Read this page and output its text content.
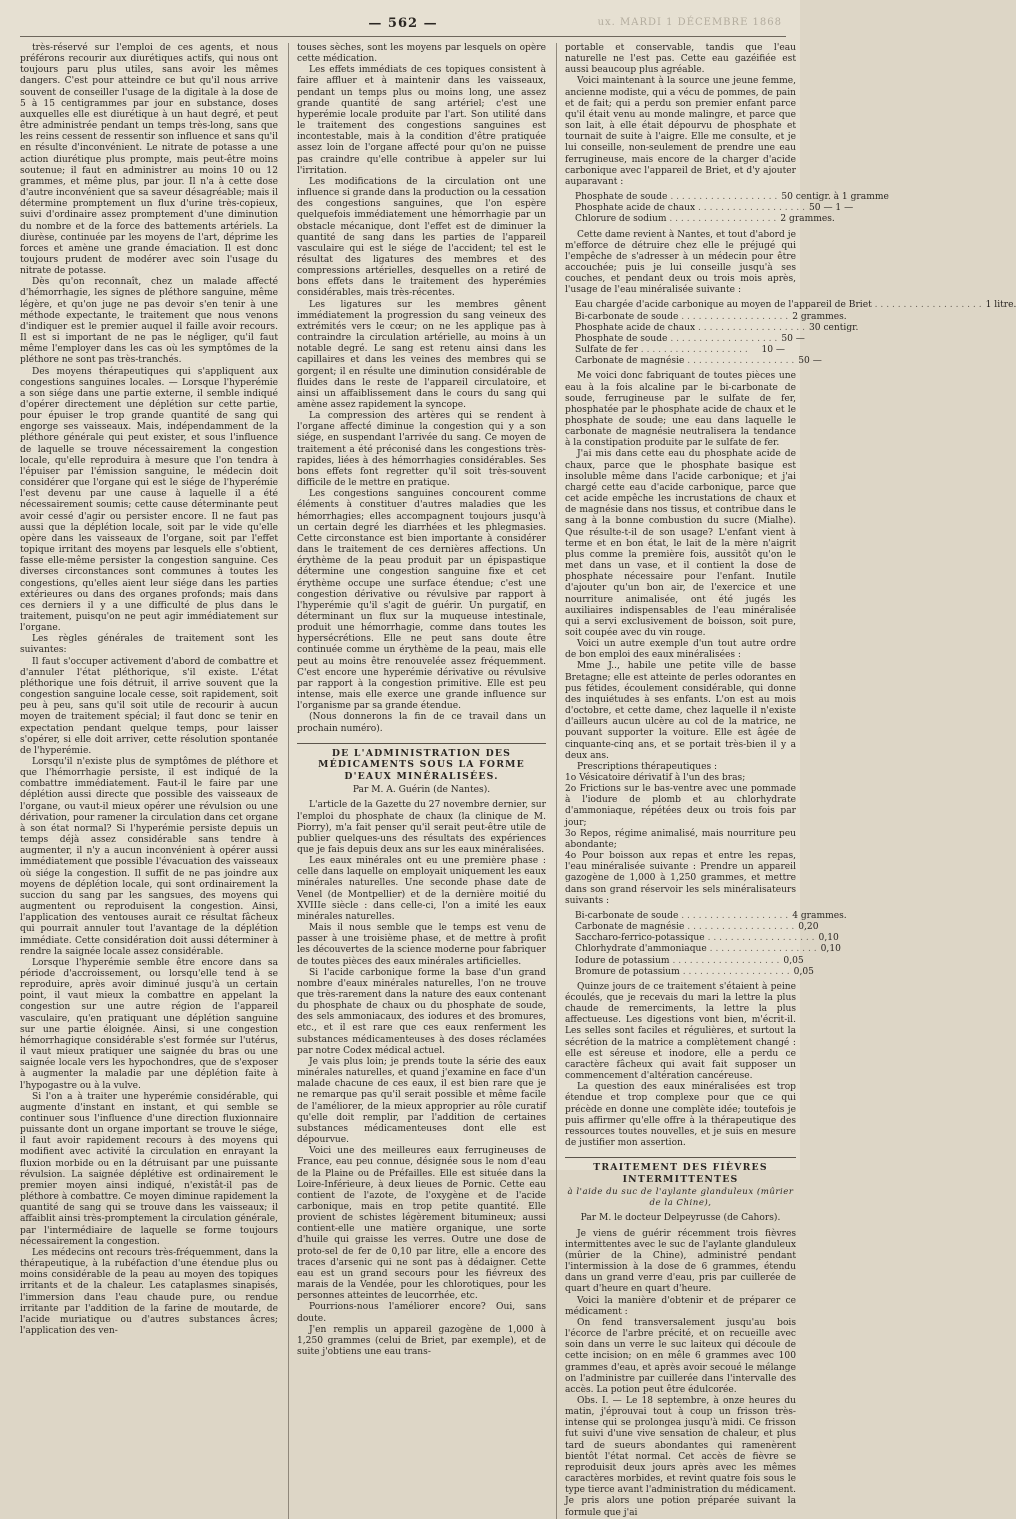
ux. MARDI 1 DÉCEMBRE 1868
— 562 —

très-réservé sur l'emploi de ces agents, et nous préférons recourir aux diurétiques actifs, qui nous ont toujours paru plus utiles, sans avoir les mêmes dangers. C'est pour atteindre ce but qu'il nous arrive souvent de conseiller l'usage de la digitale à la dose de 5 à 15 centigrammes par jour en substance, doses auxquelles elle est diurétique à un haut degré, et peut être administrée pendant un temps très-long, sans que les reins cessent de ressentir son influence et sans qu'il en résulte d'inconvénient. Le nitrate de potasse a une action diurétique plus prompte, mais peut-être moins soutenue; il faut en administrer au moins 10 ou 12 grammes, et même plus, par jour. Il n'a à cette dose d'autre inconvénient que sa saveur désagréable; mais il détermine promptement un flux d'urine très-copieux, suivi d'ordinaire assez promptement d'une diminution du nombre et de la force des battements artériels. La diurèse, continuée par les moyens de l'art, déprime les forces et amène une grande émaciation. Il est donc toujours prudent de modérer avec soin l'usage du nitrate de potasse.

Dès qu'on reconnaît, chez un malade affecté d'hémorrhagie, les signes de pléthore sanguine, même légère, et qu'on juge ne pas devoir s'en tenir à une méthode expectante, le traitement que nous venons d'indiquer est le premier auquel il faille avoir recours. Il est si important de ne pas le négliger, qu'il faut même l'employer dans les cas où les symptômes de la pléthore ne sont pas très-tranchés.

Des moyens thérapeutiques qui s'appliquent aux congestions sanguines locales. — Lorsque l'hyperémie a son siége dans une partie externe, il semble indiqué d'opérer directement une déplétion sur cette partie, pour épuiser le trop grande quantité de sang qui engorge ses vaisseaux. Mais, indépendamment de la pléthore générale qui peut exister, et sous l'influence de laquelle se trouve nécessairement la congestion locale, qu'elle reproduira à mesure que l'on tendra à l'épuiser par l'émission sanguine, le médecin doit considérer que l'organe qui est le siége de l'hyperémie l'est devenu par une cause à laquelle il a été nécessairement soumis; cette cause déterminante peut avoir cessé d'agir ou persister encore. Il ne faut pas aussi que la déplétion locale, soit par le vide qu'elle opère dans les vaisseaux de l'organe, soit par l'effet topique irritant des moyens par lesquels elle s'obtient, fasse elle-même persister la congestion sanguine. Ces diverses circonstances sont communes à toutes les congestions, qu'elles aient leur siége dans les parties extérieures ou dans des organes profonds; mais dans ces derniers il y a une difficulté de plus dans le traitement, puisqu'on ne peut agir immédiatement sur l'organe.

Les règles générales de traitement sont les suivantes:

Il faut s'occuper activement d'abord de combattre et d'annuler l'état pléthorique, s'il existe. L'état pléthorique une fois détruit, il arrive souvent que la congestion sanguine locale cesse, soit rapidement, soit peu à peu, sans qu'il soit utile de recourir à aucun moyen de traitement spécial; il faut donc se tenir en expectation pendant quelque temps, pour laisser s'opérer, si elle doit arriver, cette résolution spontanée de l'hyperémie.

Lorsqu'il n'existe plus de symptômes de pléthore et que l'hémorrhagie persiste, il est indiqué de la combattre immédiatement. Faut-il le faire par une déplétion aussi directe que possible des vaisseaux de l'organe, ou vaut-il mieux opérer une révulsion ou une dérivation, pour ramener la circulation dans cet organe à son état normal? Si l'hyperémie persiste depuis un temps déjà assez considérable sans tendre à augmenter, il n'y a aucun inconvénient à opérer aussi immédiatement que possible l'évacuation des vaisseaux où siége la congestion. Il suffit de ne pas joindre aux moyens de déplétion locale, qui sont ordinairement la succion du sang par les sangsues, des moyens qui augmentent ou reproduisent la congestion. Ainsi, l'application des ventouses aurait ce résultat fâcheux qui pourrait annuler tout l'avantage de la déplétion immédiate. Cette considération doit aussi déterminer à rendre la saignée locale assez considérable.

Lorsque l'hyperémie semble être encore dans sa période d'accroissement, ou lorsqu'elle tend à se reproduire, après avoir diminué jusqu'à un certain point, il vaut mieux la combattre en appelant la congestion sur une autre région de l'appareil vasculaire, qu'en pratiquant une déplétion sanguine sur une partie éloignée. Ainsi, si une congestion hémorrhagique considérable s'est formée sur l'utérus, il vaut mieux pratiquer une saignée du bras ou une saignée locale vers les hypochondres, que de s'exposer à augmenter la maladie par une déplétion faite à l'hypogastre ou à la vulve.

Si l'on a à traiter une hyperémie considérable, qui augmente d'instant en instant, et qui semble se continuer sous l'influence d'une direction fluxionnaire puissante dont un organe important se trouve le siége, il faut avoir rapidement recours à des moyens qui modifient avec activité la circulation en enrayant la fluxion morbide ou en la détruisant par une puissante révulsion. La saignée déplétive est ordinairement le premier moyen ainsi indiqué, n'existât-il pas de pléthore à combattre. Ce moyen diminue rapidement la quantité de sang qui se trouve dans les vaisseaux; il affaiblit ainsi très-promptement la circulation générale, par l'intermédiaire de laquelle se forme toujours nécessairement la congestion.

Les médecins ont recours très-fréquemment, dans la thérapeutique, à la rubéfaction d'une étendue plus ou moins considérable de la peau au moyen des topiques irritants et de la chaleur. Les cataplasmes sinapisés, l'immersion dans l'eau chaude pure, ou rendue irritante par l'addition de la farine de moutarde, de l'acide muriatique ou d'autres substances âcres; l'application des ven-

touses sèches, sont les moyens par lesquels on opère cette médication.

Les effets immédiats de ces topiques consistent à faire affluer et à maintenir dans les vaisseaux, pendant un temps plus ou moins long, une assez grande quantité de sang artériel; c'est une hyperémie locale produite par l'art. Son utilité dans le traitement des congestions sanguines est incontestable, mais à la condition d'être pratiquée assez loin de l'organe affecté pour qu'on ne puisse pas craindre qu'elle contribue à appeler sur lui l'irritation.

Les modifications de la circulation ont une influence si grande dans la production ou la cessation des congestions sanguines, que l'on espère quelquefois immédiatement une hémorrhagie par un obstacle mécanique, dont l'effet est de diminuer la quantité de sang dans les parties de l'appareil vasculaire qui est le siége de l'accident; tel est le résultat des ligatures des membres et des compressions artérielles, desquelles on a retiré de bons effets dans le traitement des hyperémies considérables, mais très-récentes.

Les ligatures sur les membres gênent immédiatement la progression du sang veineux des extrémités vers le cœur; on ne les applique pas à contraindre la circulation artérielle, au moins à un notable degré. Le sang est retenu ainsi dans les capillaires et dans les veines des membres qui se gorgent; il en résulte une diminution considérable de fluides dans le reste de l'appareil circulatoire, et ainsi un affaiblissement dans le cours du sang qui amène assez rapidement la syncope.

La compression des artères qui se rendent à l'organe affecté diminue la congestion qui y a son siége, en suspendant l'arrivée du sang. Ce moyen de traitement a été préconisé dans les congestions très-rapides, liées à des hémorrhagies considérables. Ses bons effets font regretter qu'il soit très-souvent difficile de le mettre en pratique.

Les congestions sanguines concourent comme éléments à constituer d'autres maladies que les hémorrhagies; elles accompagnent toujours jusqu'à un certain degré les diarrhées et les phlegmasies. Cette circonstance est bien importante à considérer dans le traitement de ces dernières affections. Un érythème de la peau produit par un épispastique détermine une congestion sanguine fixe et cet érythème occupe une surface étendue; c'est une congestion dérivative ou révulsive par rapport à l'hyperémie qu'il s'agit de guérir. Un purgatif, en déterminant un flux sur la muqueuse intestinale, produit une hémorrhagie, comme dans toutes les hypersécrétions. Elle ne peut sans doute être continuée comme un érythème de la peau, mais elle peut au moins être renouvelée assez fréquemment. C'est encore une hyperémie dérivative ou révulsive par rapport à la congestion primitive. Elle est peu intense, mais elle exerce une grande influence sur l'organisme par sa grande étendue.

(Nous donnerons la fin de ce travail dans un prochain numéro).

DE L'ADMINISTRATION DES MÉDICAMENTS SOUS LA FORME D'EAUX MINÉRALISÉES.

Par M. A. Guérin (de Nantes).

L'article de la Gazette du 27 novembre dernier, sur l'emploi du phosphate de chaux (la clinique de M. Piorry), m'a fait penser qu'il serait peut-être utile de publier quelques-uns des résultats des expériences que je fais depuis deux ans sur les eaux minéralisées.

Les eaux minérales ont eu une première phase : celle dans laquelle on employait uniquement les eaux minérales naturelles. Une seconde phase date de Venel (de Montpellier) et de la dernière moitié du XVIIIe siècle : dans celle-ci, l'on a imité les eaux minérales naturelles.

Mais il nous semble que le temps est venu de passer à une troisième phase, et de mettre à profit les découvertes de la science moderne pour fabriquer de toutes pièces des eaux minérales artificielles.

Si l'acide carbonique forme la base d'un grand nombre d'eaux minérales naturelles, l'on ne trouve que très-rarement dans la nature des eaux contenant du phosphate de chaux ou du phosphate de soude, des sels ammoniacaux, des iodures et des bromures, etc., et il est rare que ces eaux renferment les substances médicamenteuses à des doses réclamées par notre Codex médical actuel.

Je vais plus loin; je prends toute la série des eaux minérales naturelles, et quand j'examine en face d'un malade chacune de ces eaux, il est bien rare que je ne remarque pas qu'il serait possible et même facile de l'améliorer, de la mieux approprier au rôle curatif qu'elle doit remplir, par l'addition de certaines substances médicamenteuses dont elle est dépourvue.

Voici une des meilleures eaux ferrugineuses de France, eau peu connue, désignée sous le nom d'eau de la Plaine ou de Préfailles. Elle est située dans la Loire-Inférieure, à deux lieues de Pornic. Cette eau contient de l'azote, de l'oxygène et de l'acide carbonique, mais en trop petite quantité. Elle provient de schistes légèrement bitumineux; aussi contient-elle une matière organique, une sorte d'huile qui graisse les verres. Outre une dose de proto-sel de fer de 0,10 par litre, elle a encore des traces d'arsenic qui ne sont pas à dédaigner. Cette eau est un grand secours pour les fiévreux des marais de la Vendée, pour les chlorotiques, pour les personnes atteintes de leucorrhée, etc.

Pourrions-nous l'améliorer encore? Oui, sans doute.

J'en remplis un appareil gazogène de 1,000 à 1,250 grammes (celui de Briet, par exemple), et de suite j'obtiens une eau trans-

portable et conservable, tandis que l'eau naturelle ne l'est pas. Cette eau gazéifiée est aussi beaucoup plus agréable.

Voici maintenant à la source une jeune femme, ancienne modiste, qui a vécu de pommes, de pain et de fait; qui a perdu son premier enfant parce qu'il était venu au monde malingre, et parce que son lait, à elle était dépourvu de phosphate et tournait de suite à l'aigre. Elle me consulte, et je lui conseille, non-seulement de prendre une eau ferrugineuse, mais encore de la charger d'acide carbonique avec l'appareil de Briet, et d'y ajouter auparavant :

Phosphate de soude . . .	50 centigr. à 1 gramme
Phosphate acide de chaux . . .	50 — 1 —
Chlorure de sodium . . .	2 grammes.

Cette dame revient à Nantes, et tout d'abord je m'efforce de détruire chez elle le préjugé qui l'empêche de s'adresser à un médecin pour être accouchée; puis je lui conseille jusqu'à ses couches, et pendant deux ou trois mois après, l'usage de l'eau minéralisée suivante :

Eau chargée d'acide carbonique au moyen de l'appareil de Briet . . .	1 litre.
Bi-carbonate de soude . . .	2 grammes.
Phosphate acide de chaux . . .	30 centigr.
Phosphate de soude . . .	50 —
Sulfate de fer . . .	10 —
Carbonate de magnésie . . .	50 —

Me voici donc fabriquant de toutes pièces une eau à la fois alcaline par le bi-carbonate de soude, ferrugineuse par le sulfate de fer, phosphatée par le phosphate acide de chaux et le phosphate de soude; une eau dans laquelle le carbonate de magnésie neutralisera la tendance à la constipation produite par le sulfate de fer.

J'ai mis dans cette eau du phosphate acide de chaux, parce que le phosphate basique est insoluble même dans l'acide carbonique; et j'ai chargé cette eau d'acide carbonique, parce que cet acide empêche les incrustations de chaux et de magnésie dans nos tissus, et contribue dans le sang à la bonne combustion du sucre (Mialhe). Que résulte-t-il de son usage? L'enfant vient à terme et en bon état, le lait de la mère n'aigrit plus comme la première fois, aussitôt qu'on le met dans un vase, et il contient la dose de phosphate nécessaire pour l'enfant. Inutile d'ajouter qu'un bon air, de l'exercice et une nourriture animalisée, ont été jugés les auxiliaires indispensables de l'eau minéralisée qui a servi exclusivement de boisson, soit pure, soit coupée avec du vin rouge.

Voici un autre exemple d'un tout autre ordre de bon emploi des eaux minéralisées :

Mme J.., habile une petite ville de basse Bretagne; elle est atteinte de perles odorantes en pus fétides, écoulement considérable, qui donne des inquiétudes à ses enfants. L'on est au mois d'octobre, et cette dame, chez laquelle il n'existe d'ailleurs aucun ulcère au col de la matrice, ne pouvant supporter la voiture. Elle est âgée de cinquante-cinq ans, et se portait très-bien il y a deux ans.

Prescriptions thérapeutiques :

1o Vésicatoire dérivatif à l'un des bras;

2o Frictions sur le bas-ventre avec une pommade à l'iodure de plomb et au chlorhydrate d'ammoniaque, répétées deux ou trois fois par jour;

3o Repos, régime animalisé, mais nourriture peu abondante;

4o Pour boisson aux repas et entre les repas, l'eau minéralisée suivante : Prendre un appareil gazogène de 1,000 à 1,250 grammes, et mettre dans son grand réservoir les sels minéralisateurs suivants :

Bi-carbonate de soude . . .	4 grammes.
Carbonate de magnésie . . .	0,20
Saccharo-ferrico-potassique . . .	0,10
Chlorhydrate d'ammoniaque . . .	0,10
Iodure de potassium . . .	0,05
Bromure de potassium . . .	0,05

Quinze jours de ce traitement s'étaient à peine écoulés, que je recevais du mari la lettre la plus chaude de remerciments, la lettre la plus affectueuse. Les digestions vont bien, m'écrit-il. Les selles sont faciles et régulières, et surtout la sécrétion de la matrice a complètement changé : elle est séreuse et inodore, elle a perdu ce caractère fâcheux qui avait fait supposer un commencement d'altération cancéreuse.

La question des eaux minéralisées est trop étendue et trop complexe pour que ce qui précède en donne une complète idée; toutefois je puis affirmer qu'elle offre à la thérapeutique des ressources toutes nouvelles, et je suis en mesure de justifier mon assertion.

TRAITEMENT DES FIÈVRES INTERMITTENTES
à l'aide du suc de l'aylante glanduleux (mûrier de la Chine),

Par M. le docteur Delpeyrusse (de Cahors).

Je viens de guérir récemment trois fièvres intermittentes avec le suc de l'aylante glanduleux (mûrier de la Chine), administré pendant l'intermission à la dose de 6 grammes, étendu dans un grand verre d'eau, pris par cuillerée de quart d'heure en quart d'heure.

Voici la manière d'obtenir et de préparer ce médicament :

On fend transversalement jusqu'au bois l'écorce de l'arbre précité, et on recueille avec soin dans un verre le suc laiteux qui découle de cette incision; on en mêle 6 grammes avec 100 grammes d'eau, et après avoir secoué le mélange on l'administre par cuillerée dans l'intervalle des accès. La potion peut être édulcorée.

Obs. I. — Le 18 septembre, à onze heures du matin, j'éprouvai tout à coup un frisson très-intense qui se prolongea jusqu'à midi. Ce frisson fut suivi d'une vive sensation de chaleur, et plus tard de sueurs abondantes qui ramenèrent bientôt l'état normal. Cet accès de fièvre se reproduisit deux jours après avec les mêmes caractères morbides, et revint quatre fois sous le type tierce avant l'administration du médicament. Je pris alors une potion préparée suivant la formule que j'ai
